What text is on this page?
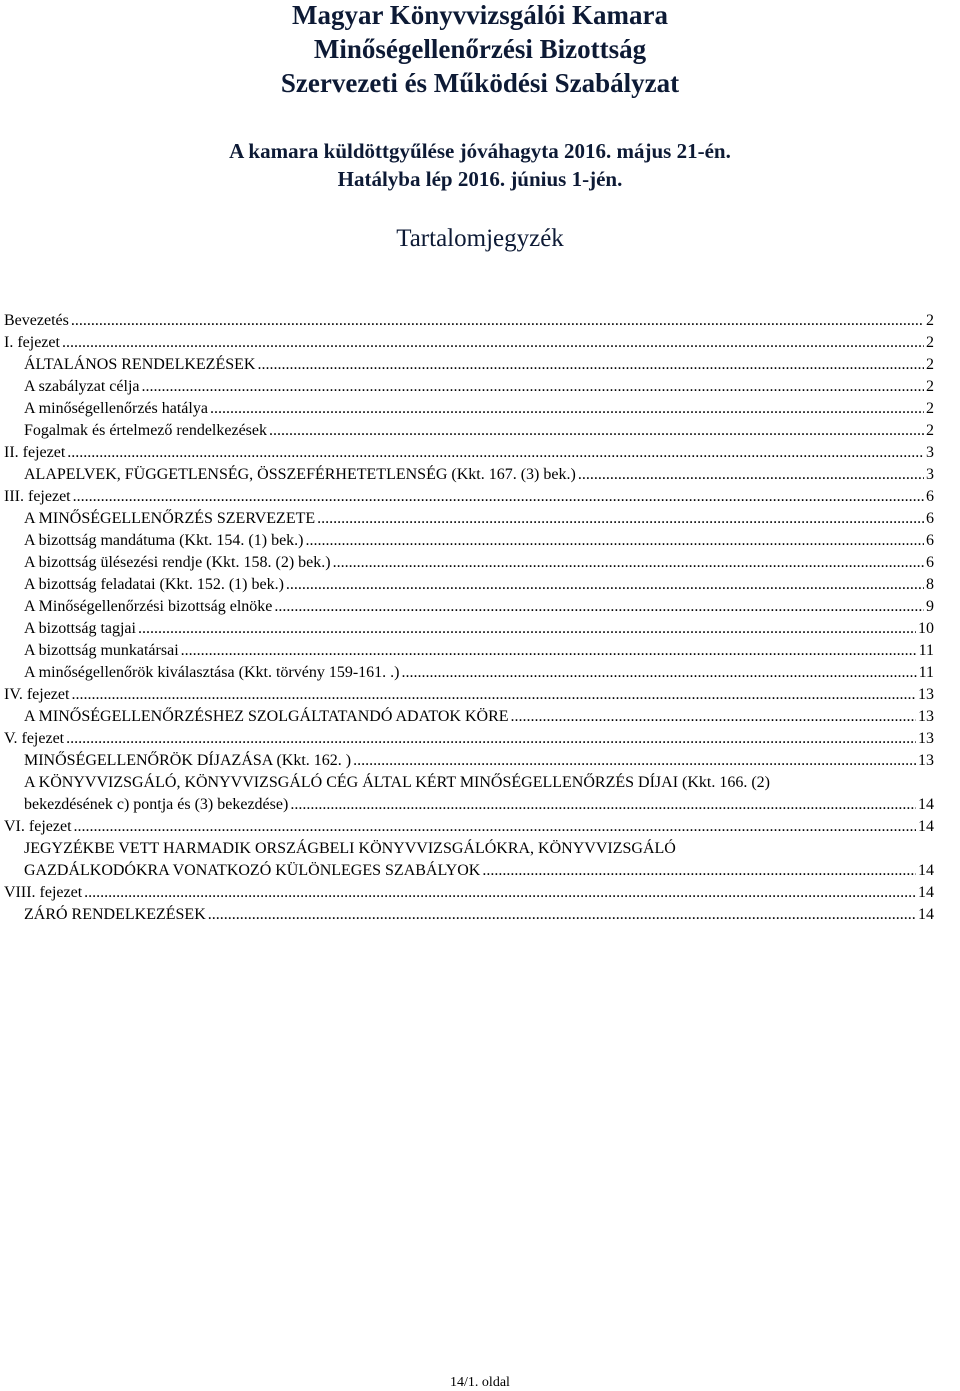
Magyar Könyvvizsgálói Kamara
Minőségellenőrzési Bizottság
Szervezeti és Működési Szabályzat
A kamara küldöttgyűlése jóváhagyta 2016. május 21-én.
Hatályba lép 2016. június 1-jén.
Tartalomjegyzék
Bevezetés .....	2
I. fejezet .....	2
ÁLTALÁNOS RENDELKEZÉSEK .....	2
A szabályzat célja .....	2
A minőségellenőrzés hatálya .....	2
Fogalmak és értelmező rendelkezések .....	2
II. fejezet .....	3
ALAPELVEK, FÜGGETLENSÉG, ÖSSZEFÉRHETETLENSÉG (Kkt. 167. (3) bek.) .....	3
III. fejezet .....	6
A MINŐSÉGELLENŐRZÉS SZERVEZETE .....	6
A bizottság mandátuma (Kkt. 154. (1) bek.) .....	6
A bizottság ülésezési rendje (Kkt. 158. (2) bek.) .....	6
A bizottság feladatai (Kkt. 152. (1) bek.) .....	8
A Minőségellenőrzési bizottság elnöke .....	9
A bizottság tagjai .....	10
A bizottság munkatársai .....	11
A minőségellenőrök kiválasztása (Kkt. törvény 159-161. .) .....	11
IV. fejezet .....	13
A MINŐSÉGELLENŐRZÉSHEZ SZOLGÁLTATANDÓ ADATOK KÖRE .....	13
V. fejezet .....	13
MINŐSÉGELLENŐRÖK DÍJAZÁSA (Kkt. 162. ) .....	13
A KÖNYVVIZSGÁLÓ, KÖNYVVIZSGÁLÓ CÉG ÁLTAL KÉRT MINŐSÉGELLENŐRZÉS DÍJAI (Kkt. 166. (2)
bekezdésének c) pontja és (3) bekezdése) .....	14
VI. fejezet .....	14
JEGYZÉKBE VETT HARMADIK ORSZÁGBELI KÖNYVVIZSGÁLÓKRA, KÖNYVVIZSGÁLÓ
GAZDÁLKODÓKRA VONATKOZÓ KÜLÖNLEGES SZABÁLYOK .....	14
VIII. fejezet .....	14
ZÁRÓ RENDELKEZÉSEK .....	14
14/1. oldal
